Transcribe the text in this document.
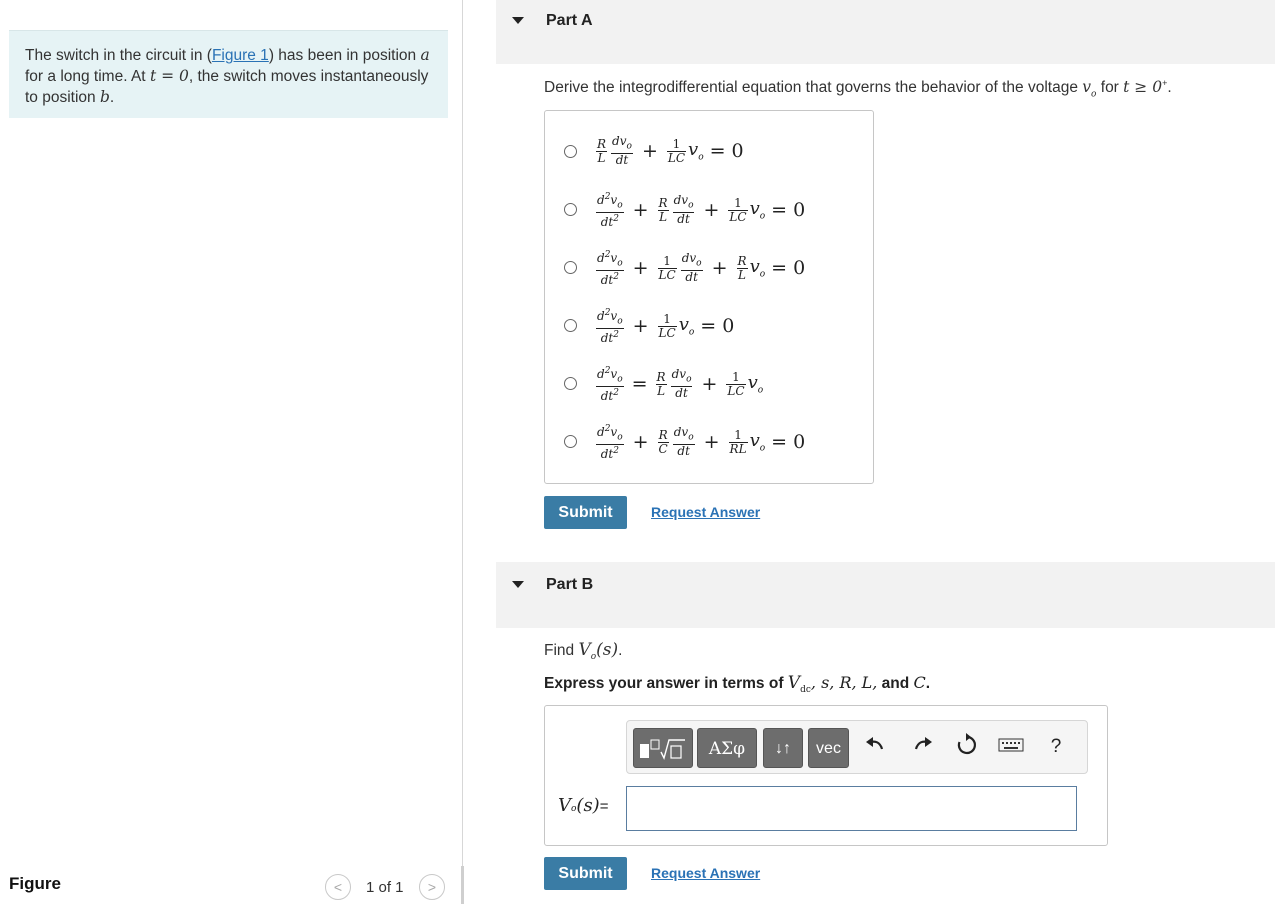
The switch in the circuit in (Figure 1) has been in position a for a long time. At t = 0, the switch moves instantaneously to position b.
Figure	<	1 of 1	>
Part A
Derive the integrodifferential equation that governs the behavior of the voltage $v_o$ for t ≥ 0+.
$\frac{R}{L} \frac{dv_o}{dt} + \frac{1}{LC} v_o = 0$
$\frac{d^2v_o}{dt^2} + \frac{R}{L} \frac{dv_o}{dt} + \frac{1}{LC} v_o = 0$
$\frac{d^2v_o}{dt^2} + \frac{1}{LC} \frac{dv_o}{dt} + \frac{R}{L} v_o = 0$
$\frac{d^2v_o}{dt^2} + \frac{1}{LC} v_o = 0$
$\frac{d^2v_o}{dt^2} = \frac{R}{L} \frac{dv_o}{dt} + \frac{1}{LC} v_o$
$\frac{d^2v_o}{dt^2} + \frac{R}{C} \frac{dv_o}{dt} + \frac{1}{RL} v_o = 0$
Submit	Request Answer
Part B
Find $V_o(s)$.
Express your answer in terms of $V_{dc}$, s, R, L, and C.
ΑΣφ	↓↑	vec	?
$V_o$ (s) =
Submit	Request Answer
